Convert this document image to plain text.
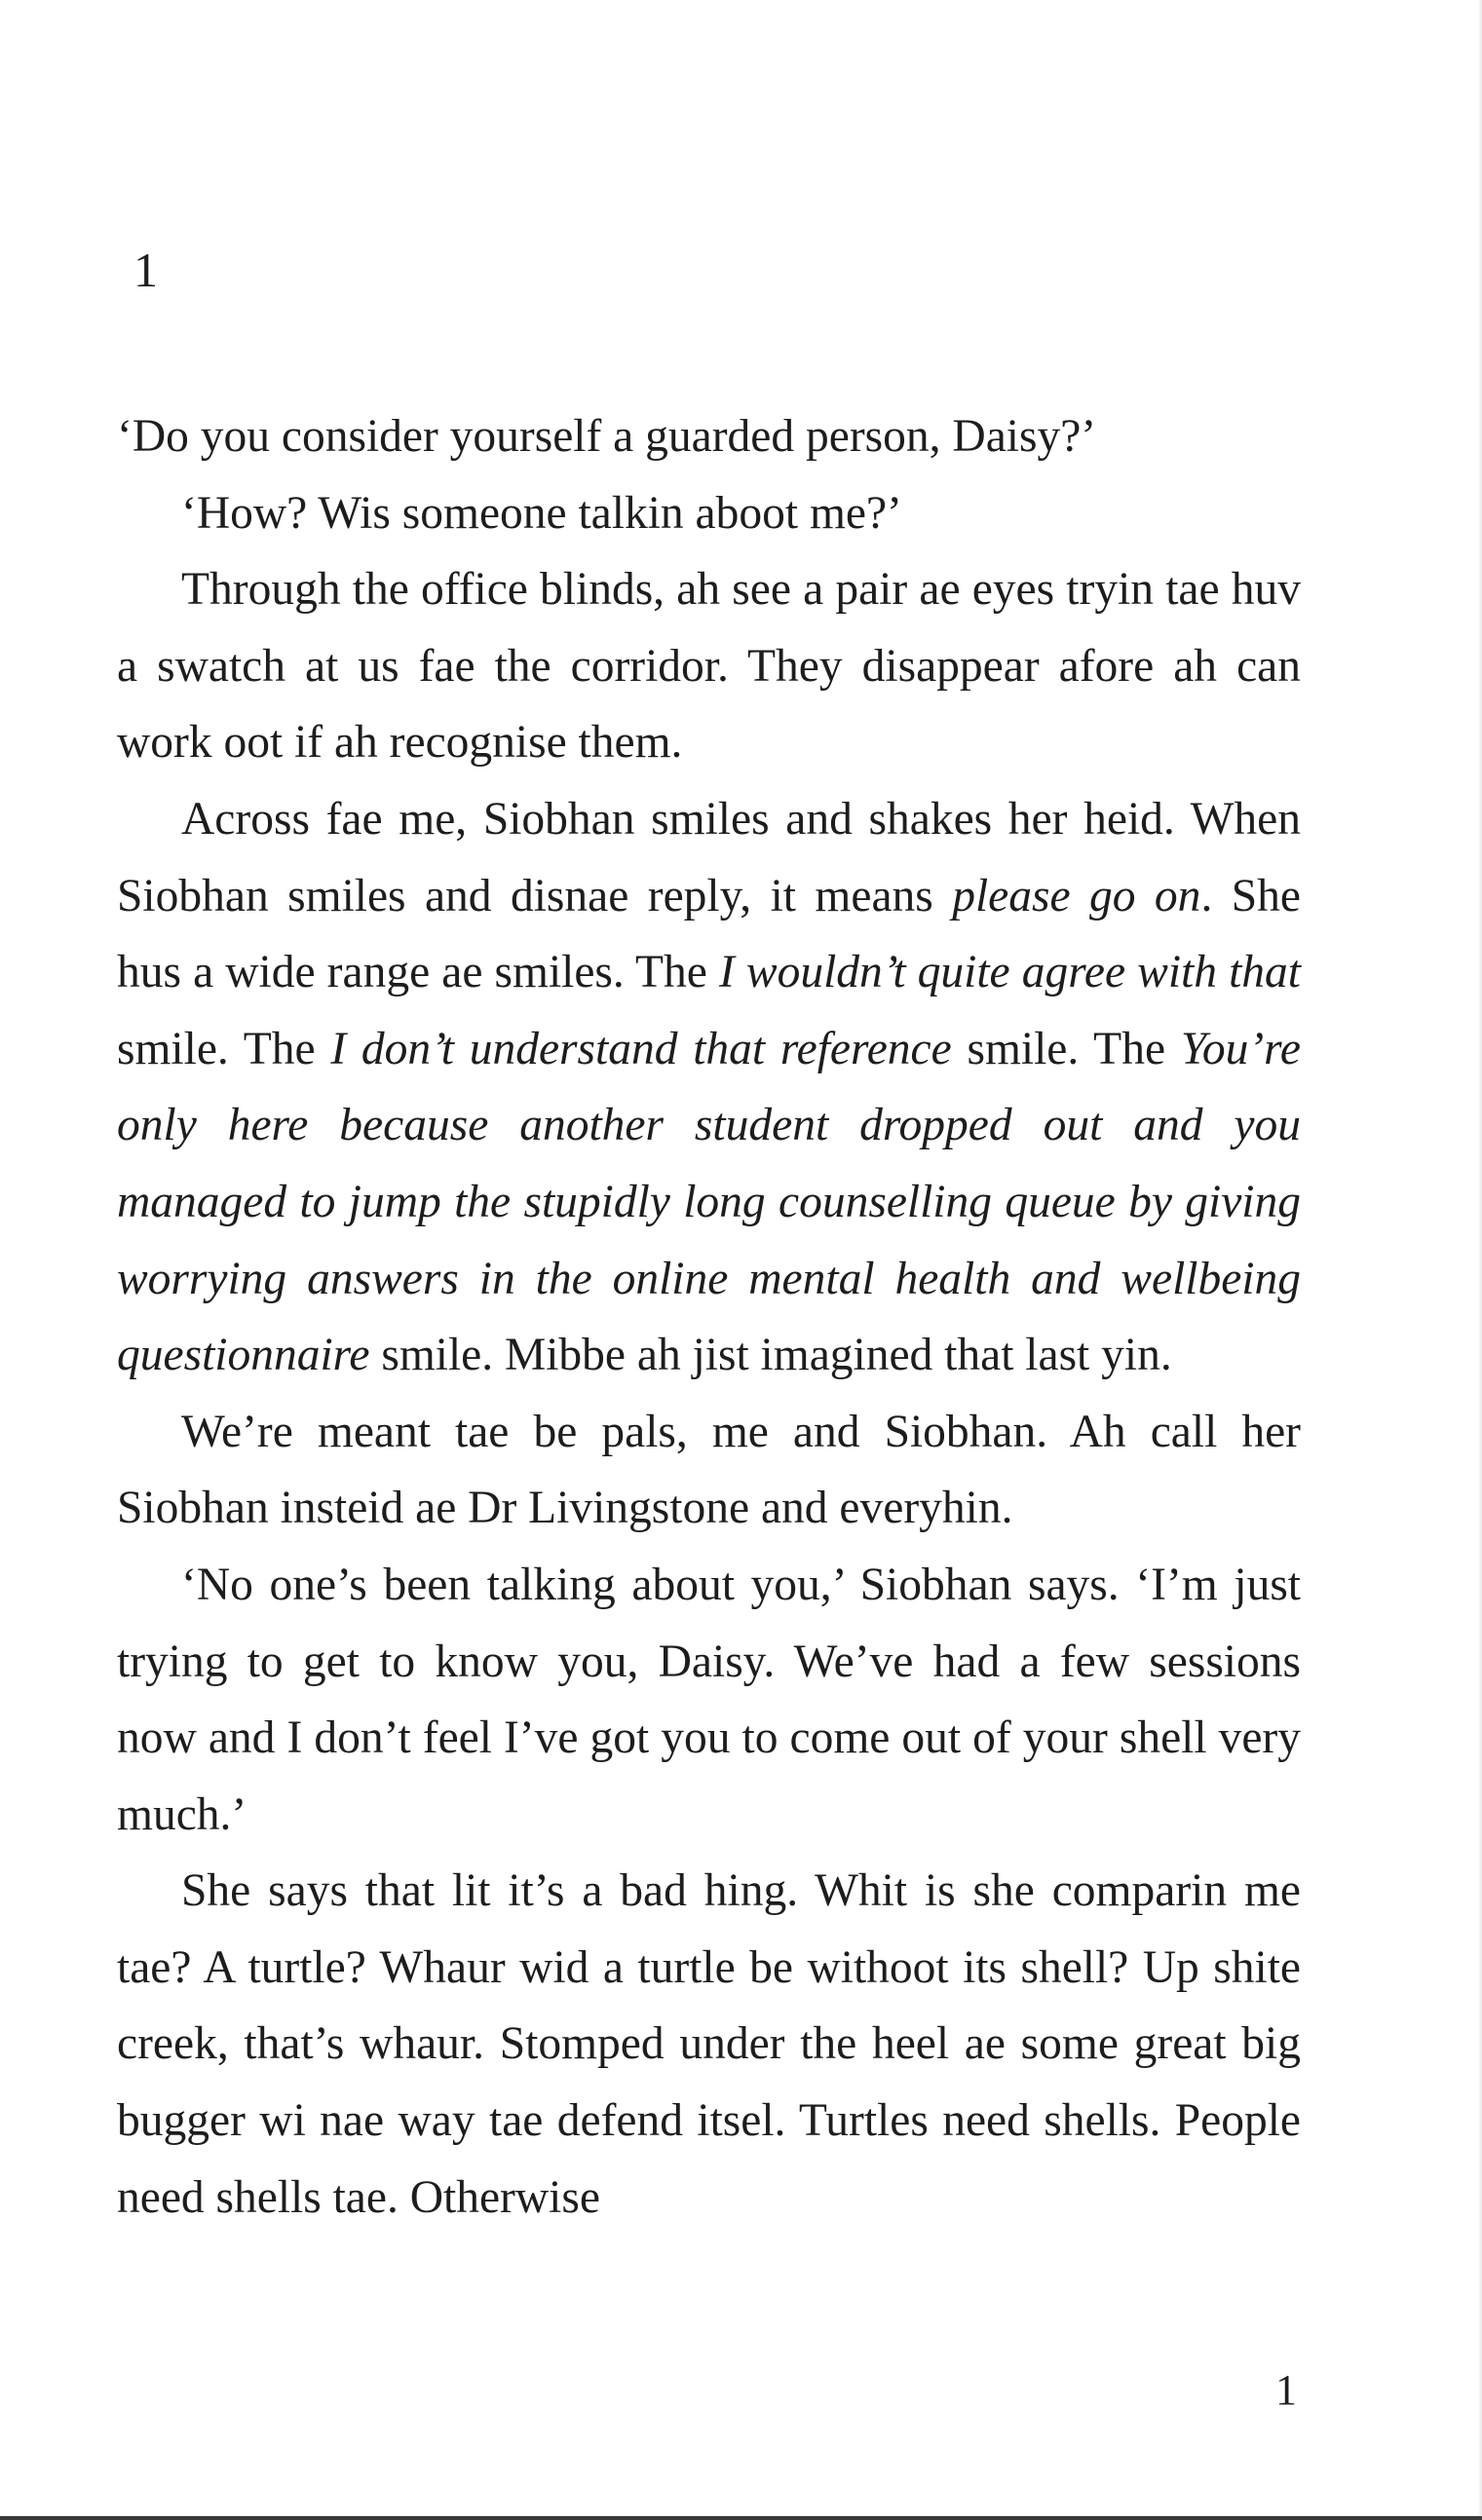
1

‘Do you consider yourself a guarded person, Daisy?’

‘How? Wis someone talkin aboot me?’

Through the office blinds, ah see a pair ae eyes tryin tae huv a swatch at us fae the corridor. They disappear afore ah can work oot if ah recognise them.

Across fae me, Siobhan smiles and shakes her heid. When Siobhan smiles and disnae reply, it means please go on. She hus a wide range ae smiles. The I wouldn’t quite agree with that smile. The I don’t understand that reference smile. The You’re only here because another student dropped out and you managed to jump the stupidly long counselling queue by giving worrying answers in the online mental health and wellbeing questionnaire smile. Mibbe ah jist imagined that last yin.

We’re meant tae be pals, me and Siobhan. Ah call her Siobhan insteid ae Dr Livingstone and everyhin.

‘No one’s been talking about you,’ Siobhan says. ‘I’m just trying to get to know you, Daisy. We’ve had a few sessions now and I don’t feel I’ve got you to come out of your shell very much.’

She says that lit it’s a bad hing. Whit is she comparin me tae? A turtle? Whaur wid a turtle be withoot its shell? Up shite creek, that’s whaur. Stomped under the heel ae some great big bugger wi nae way tae defend itsel. Turtles need shells. People need shells tae. Otherwise

1
